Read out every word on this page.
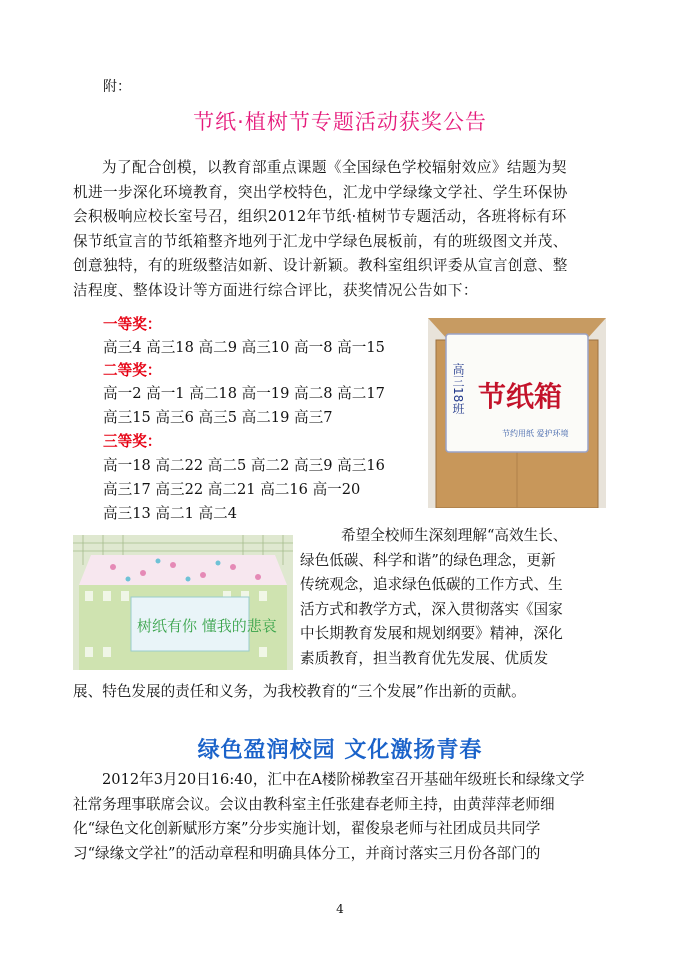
附：
节纸·植树节专题活动获奖公告
为了配合创模，以教育部重点课题《全国绿色学校辐射效应》结题为契
机进一步深化环境教育，突出学校特色，汇龙中学绿缘文学社、学生环保协
会积极响应校长室号召，组织2012年节纸·植树节专题活动，各班将标有环
保节纸宣言的节纸箱整齐地列于汇龙中学绿色展板前，有的班级图文并茂、
创意独特，有的班级整洁如新、设计新颖。教科室组织评委从宣言创意、整
洁程度、整体设计等方面进行综合评比，获奖情况公告如下：
一等奖：
高三4 高三18 高二9 高三10 高一8 高一15
二等奖：
高一2 高一1 高二18 高一19 高二8 高二17
高三15 高三6 高三5 高二19 高三7
三等奖：
高一18 高二22 高二5 高二2 高三9 高三16
高三17 高三22 高二21 高二16 高一20
高三13 高二1 高二4
高三18班 节纸箱
节约用纸 爱护环境
树纸有你 懂我的悲哀
希望全校师生深刻理解“高效生长、
绿色低碳、科学和谐”的绿色理念，更新
传统观念，追求绿色低碳的工作方式、生
活方式和教学方式，深入贯彻落实《国家
中长期教育发展和规划纲要》精神，深化
素质教育，担当教育优先发展、优质发
展、特色发展的责任和义务，为我校教育的“三个发展”作出新的贡献。
绿色盈润校园 文化激扬青春
2012年3月20日16:40，汇中在A楼阶梯教室召开基础年级班长和绿缘文学
社常务理事联席会议。会议由教科室主任张建春老师主持，由黄萍萍老师细
化“绿色文化创新赋形方案”分步实施计划，翟俊泉老师与社团成员共同学
习“绿缘文学社”的活动章程和明确具体分工，并商讨落实三月份各部门的
4
